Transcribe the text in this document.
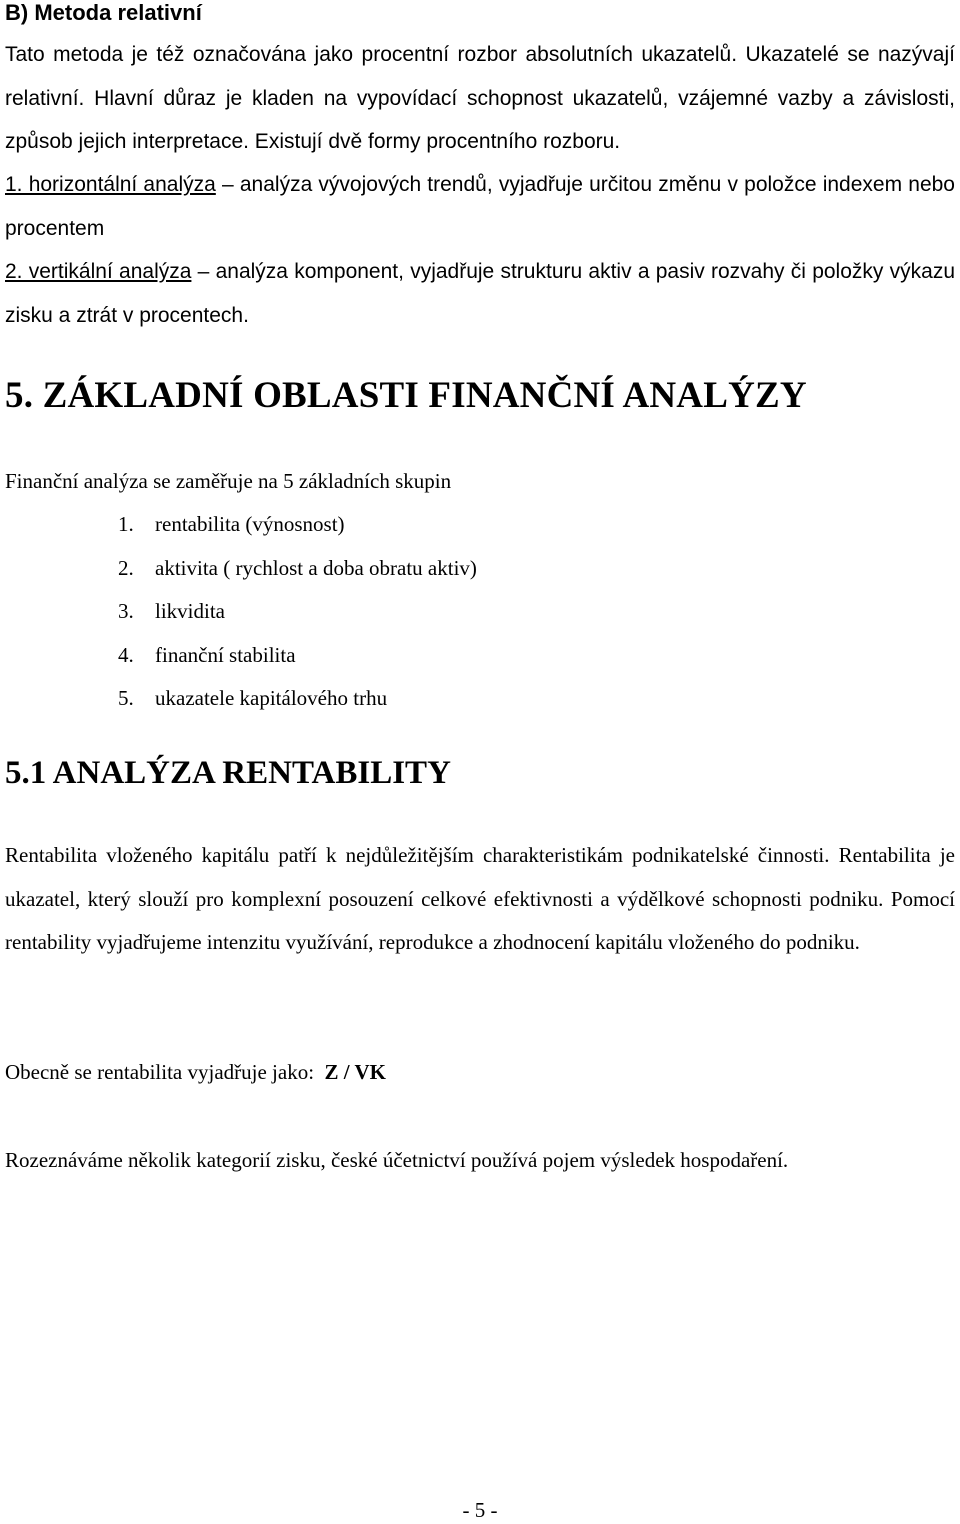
B) Metoda relativní

Tato metoda je též označována jako procentní rozbor absolutních ukazatelů. Ukazatelé se nazývají relativní. Hlavní důraz je kladen na vypovídací schopnost ukazatelů, vzájemné vazby a závislosti, způsob jejich interpretace. Existují dvě formy procentního rozboru.

1. horizontální analýza – analýza vývojových trendů, vyjadřuje určitou změnu v položce indexem nebo procentem

2. vertikální analýza – analýza komponent, vyjadřuje strukturu aktiv a pasiv rozvahy či položky výkazu zisku a ztrát v procentech.

5. ZÁKLADNÍ OBLASTI FINANČNÍ ANALÝZY

Finanční analýza se zaměřuje na 5 základních skupin

1.	rentabilita (výnosnost)
2.	aktivita ( rychlost a doba obratu aktiv)
3.	likvidita
4.	finanční stabilita
5.	ukazatele kapitálového trhu
5.1 ANALÝZA RENTABILITY

Rentabilita vloženého kapitálu patří k nejdůležitějším charakteristikám podnikatelské činnosti. Rentabilita je ukazatel, který slouží pro komplexní posouzení celkové efektivnosti a výdělkové schopnosti podniku. Pomocí rentability vyjadřujeme intenzitu využívání, reprodukce a zhodnocení kapitálu vloženého do podniku.

Obecně se rentabilita vyjadřuje jako: Z / VK

Rozeznáváme několik kategorií zisku, české účetnictví používá pojem výsledek hospodaření.

- 5 -
